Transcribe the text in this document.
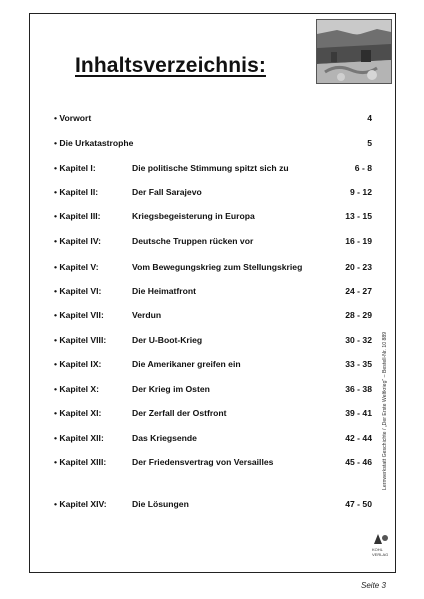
Inhaltsverzeichnis:
• Vorwort	4
• Die Urkatastrophe	5
• Kapitel I:	Die politische Stimmung spitzt sich zu	6 - 8
• Kapitel II:	Der Fall Sarajevo	9 - 12
• Kapitel III:	Kriegsbegeisterung in Europa	13 - 15
• Kapitel IV:	Deutsche Truppen rücken vor	16 - 19
• Kapitel V:	Vom Bewegungskrieg zum Stellungskrieg	20 - 23
• Kapitel VI:	Die Heimatfront	24 - 27
• Kapitel VII:	Verdun	28 - 29
• Kapitel VIII:	Der U-Boot-Krieg	30 - 32
• Kapitel IX:	Die Amerikaner greifen ein	33 - 35
• Kapitel X:	Der Krieg im Osten	36 - 38
• Kapitel XI:	Der Zerfall der Ostfront	39 - 41
• Kapitel XII:	Das Kriegsende	42 - 44
• Kapitel XIII:	Der Friedensvertrag von Versailles	45 - 46
• Kapitel XIV:	Die Lösungen	47 - 50
KOHL VERLAG
Seite 3
